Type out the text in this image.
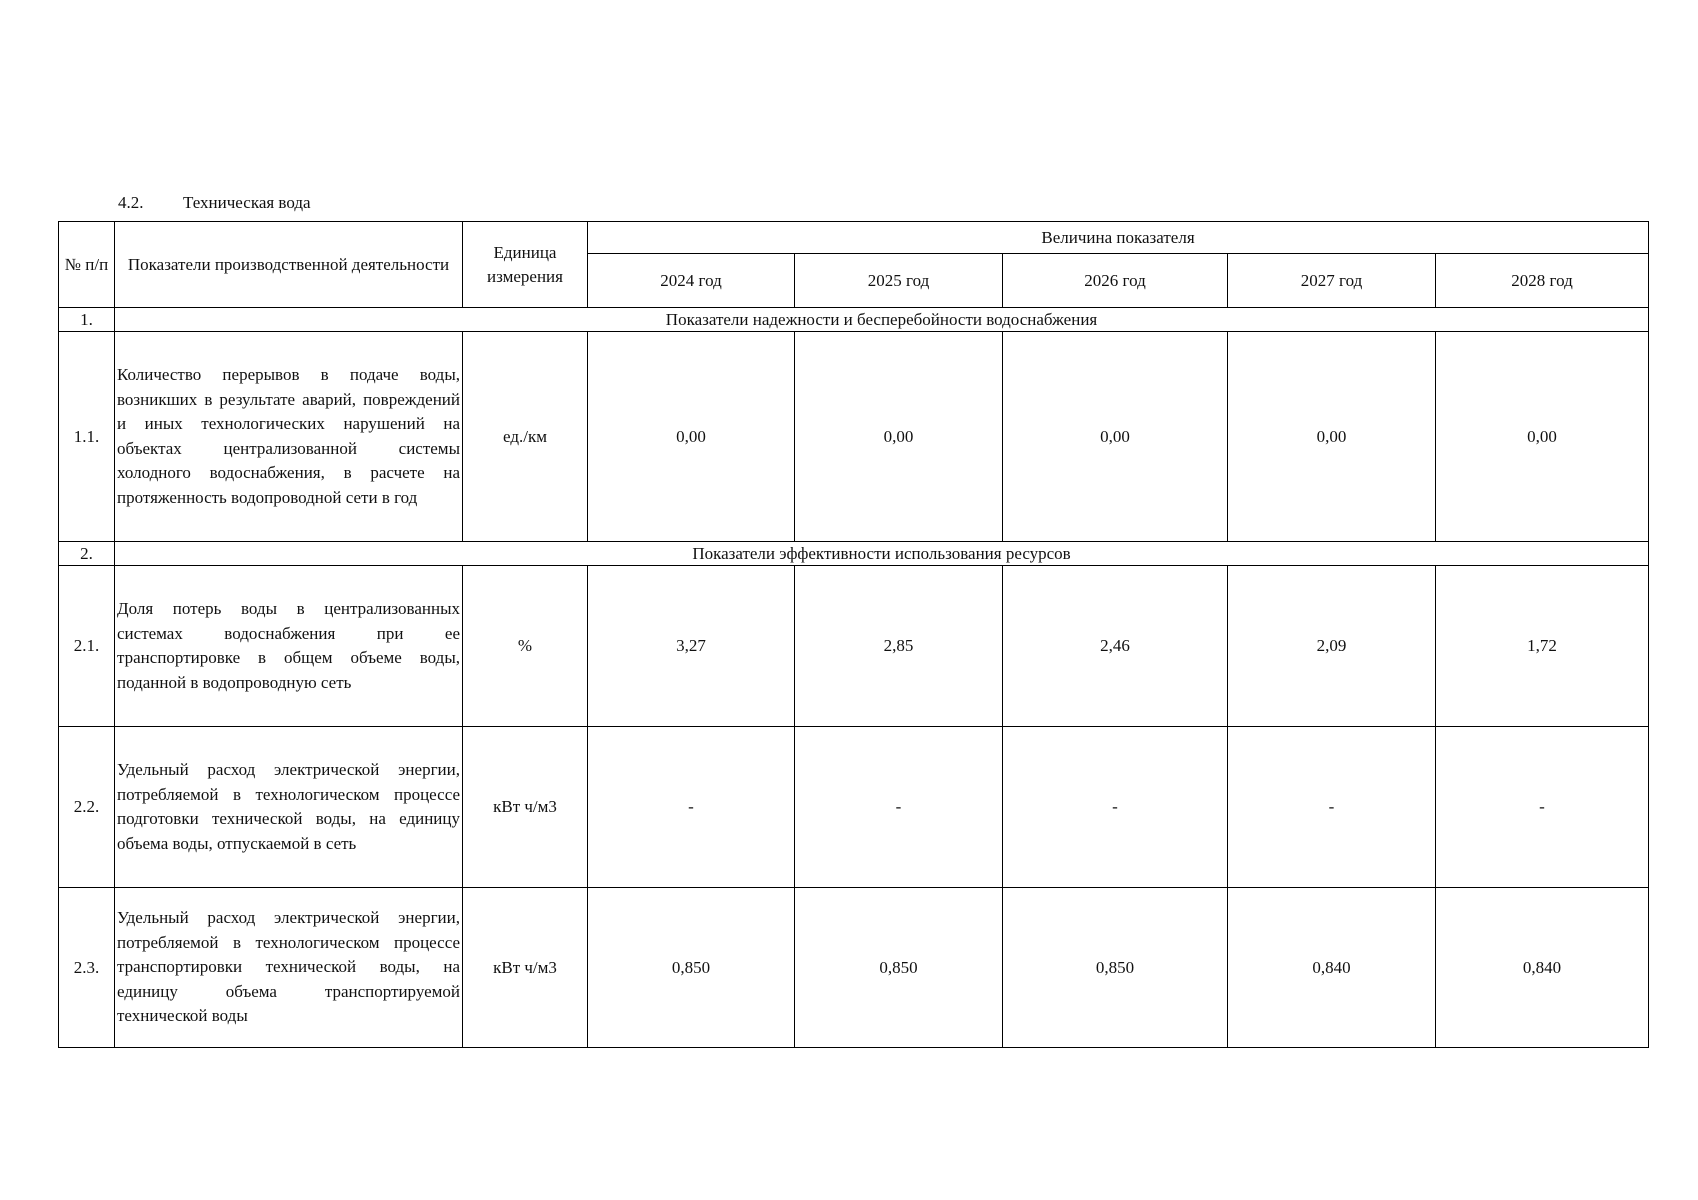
4.2. Техническая вода
№ п/п	Показатели производственной деятельности	Единица измерения	Величина показателя				
			2024 год	2025 год	2026 год	2027 год	2028 год
1.	Показатели надежности и бесперебойности водоснабжения						
1.1.	Количество перерывов в подаче воды, возникших в результате аварий, повреждений и иных технологических нарушений на объектах централизованной системы холодного водоснабжения, в расчете на протяженность водопроводной сети в год	ед./км	0,00	0,00	0,00	0,00	0,00
2.	Показатели эффективности использования ресурсов						
2.1.	Доля потерь воды в централизованных системах водоснабжения при ее транспортировке в общем объеме воды, поданной в водопроводную сеть	%	3,27	2,85	2,46	2,09	1,72
2.2.	Удельный расход электрической энергии, потребляемой в технологическом процессе подготовки технической воды, на единицу объема воды, отпускаемой в сеть	кВт ч/м3	-	-	-	-	-
2.3.	Удельный расход электрической энергии, потребляемой в технологическом процессе транспортировки технической воды, на единицу объема транспортируемой технической воды	кВт ч/м3	0,850	0,850	0,850	0,840	0,840
